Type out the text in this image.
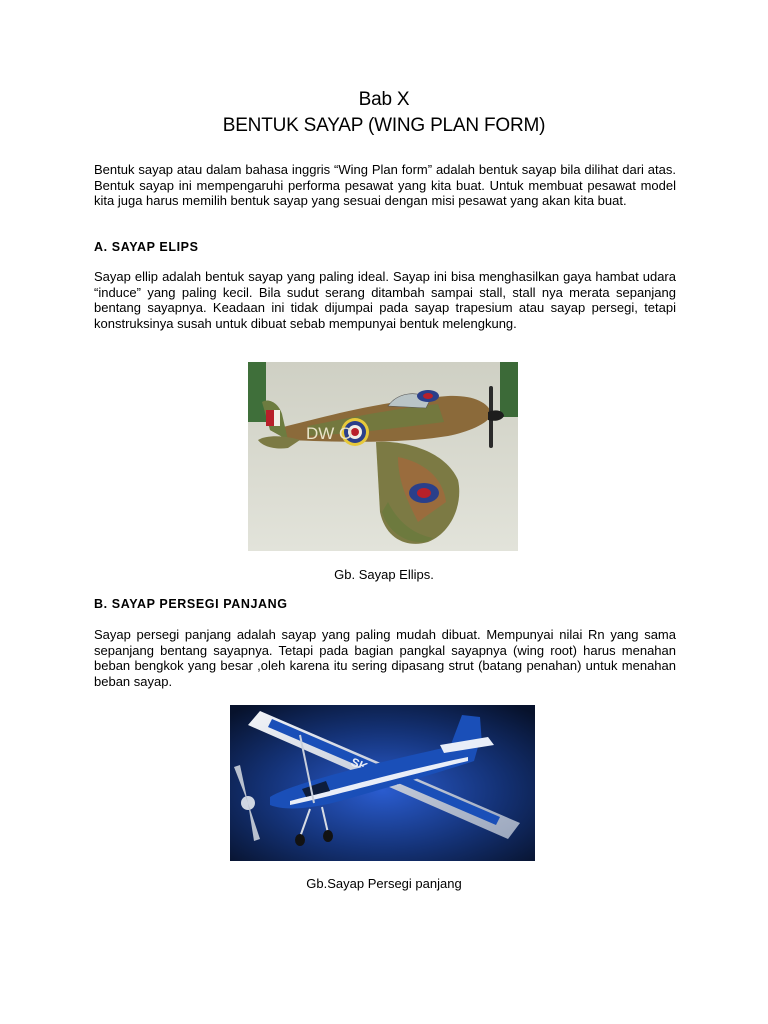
Bab X
BENTUK SAYAP (WING PLAN FORM)

Bentuk sayap atau dalam bahasa inggris “Wing Plan form” adalah bentuk sayap bila dilihat dari atas. Bentuk sayap ini mempengaruhi performa pesawat yang kita buat. Untuk membuat pesawat model kita juga harus memilih bentuk sayap yang sesuai dengan misi pesawat yang akan kita buat.

A. SAYAP ELIPS

Sayap ellip adalah bentuk sayap yang paling ideal. Sayap ini bisa menghasilkan gaya hambat udara “induce” yang paling kecil. Bila sudut serang ditambah sampai stall, stall nya merata sepanjang bentang sayapnya. Keadaan ini tidak dijumpai pada sayap trapesium atau sayap persegi, tetapi konstruksinya susah untuk dibuat sebab mempunyai bentuk melengkung.

DW O

Gb. Sayap Ellips.

B. SAYAP PERSEGI PANJANG

Sayap persegi panjang adalah sayap yang paling mudah dibuat. Mempunyai nilai Rn yang sama sepanjang bentang sayapnya. Tetapi pada bagian pangkal sayapnya (wing root) harus menahan beban bengkok yang besar ,oleh karena itu sering dipasang strut (batang penahan) untuk menahan beban sayap.

Gb.Sayap Persegi panjang
